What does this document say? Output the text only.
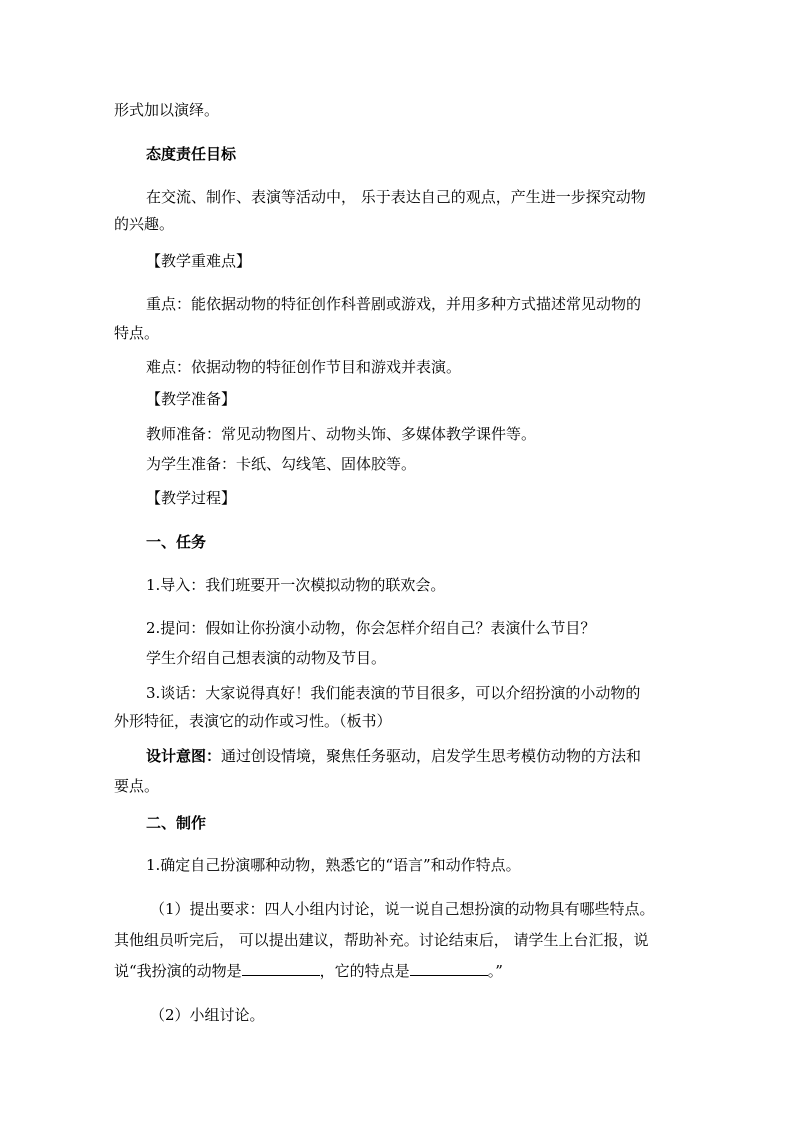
形式加以演绎。
态度责任目标
在交流、制作、表演等活动中， 乐于表达自己的观点，产生进一步探究动物
的兴趣。
【教学重难点】
重点：能依据动物的特征创作科普剧或游戏，并用多种方式描述常见动物的
特点。
难点：依据动物的特征创作节目和游戏并表演。
【教学准备】
教师准备：常见动物图片、动物头饰、多媒体教学课件等。
为学生准备：卡纸、勾线笔、固体胶等。
【教学过程】
一、任务
1.导入：我们班要开一次模拟动物的联欢会。
2.提问：假如让你扮演小动物，你会怎样介绍自己？表演什么节目？
学生介绍自己想表演的动物及节目。
3.谈话：大家说得真好！我们能表演的节目很多，可以介绍扮演的小动物的
外形特征，表演它的动作或习性。（板书）
设计意图：通过创设情境，聚焦任务驱动，启发学生思考模仿动物的方法和
要点。
二、制作
1.确定自己扮演哪种动物，熟悉它的“语言”和动作特点。
（1）提出要求：四人小组内讨论，说一说自己想扮演的动物具有哪些特点。
其他组员听完后， 可以提出建议，帮助补充。讨论结束后， 请学生上台汇报，说
说“我扮演的动物是	，它的特点是	。”
（2）小组讨论。
